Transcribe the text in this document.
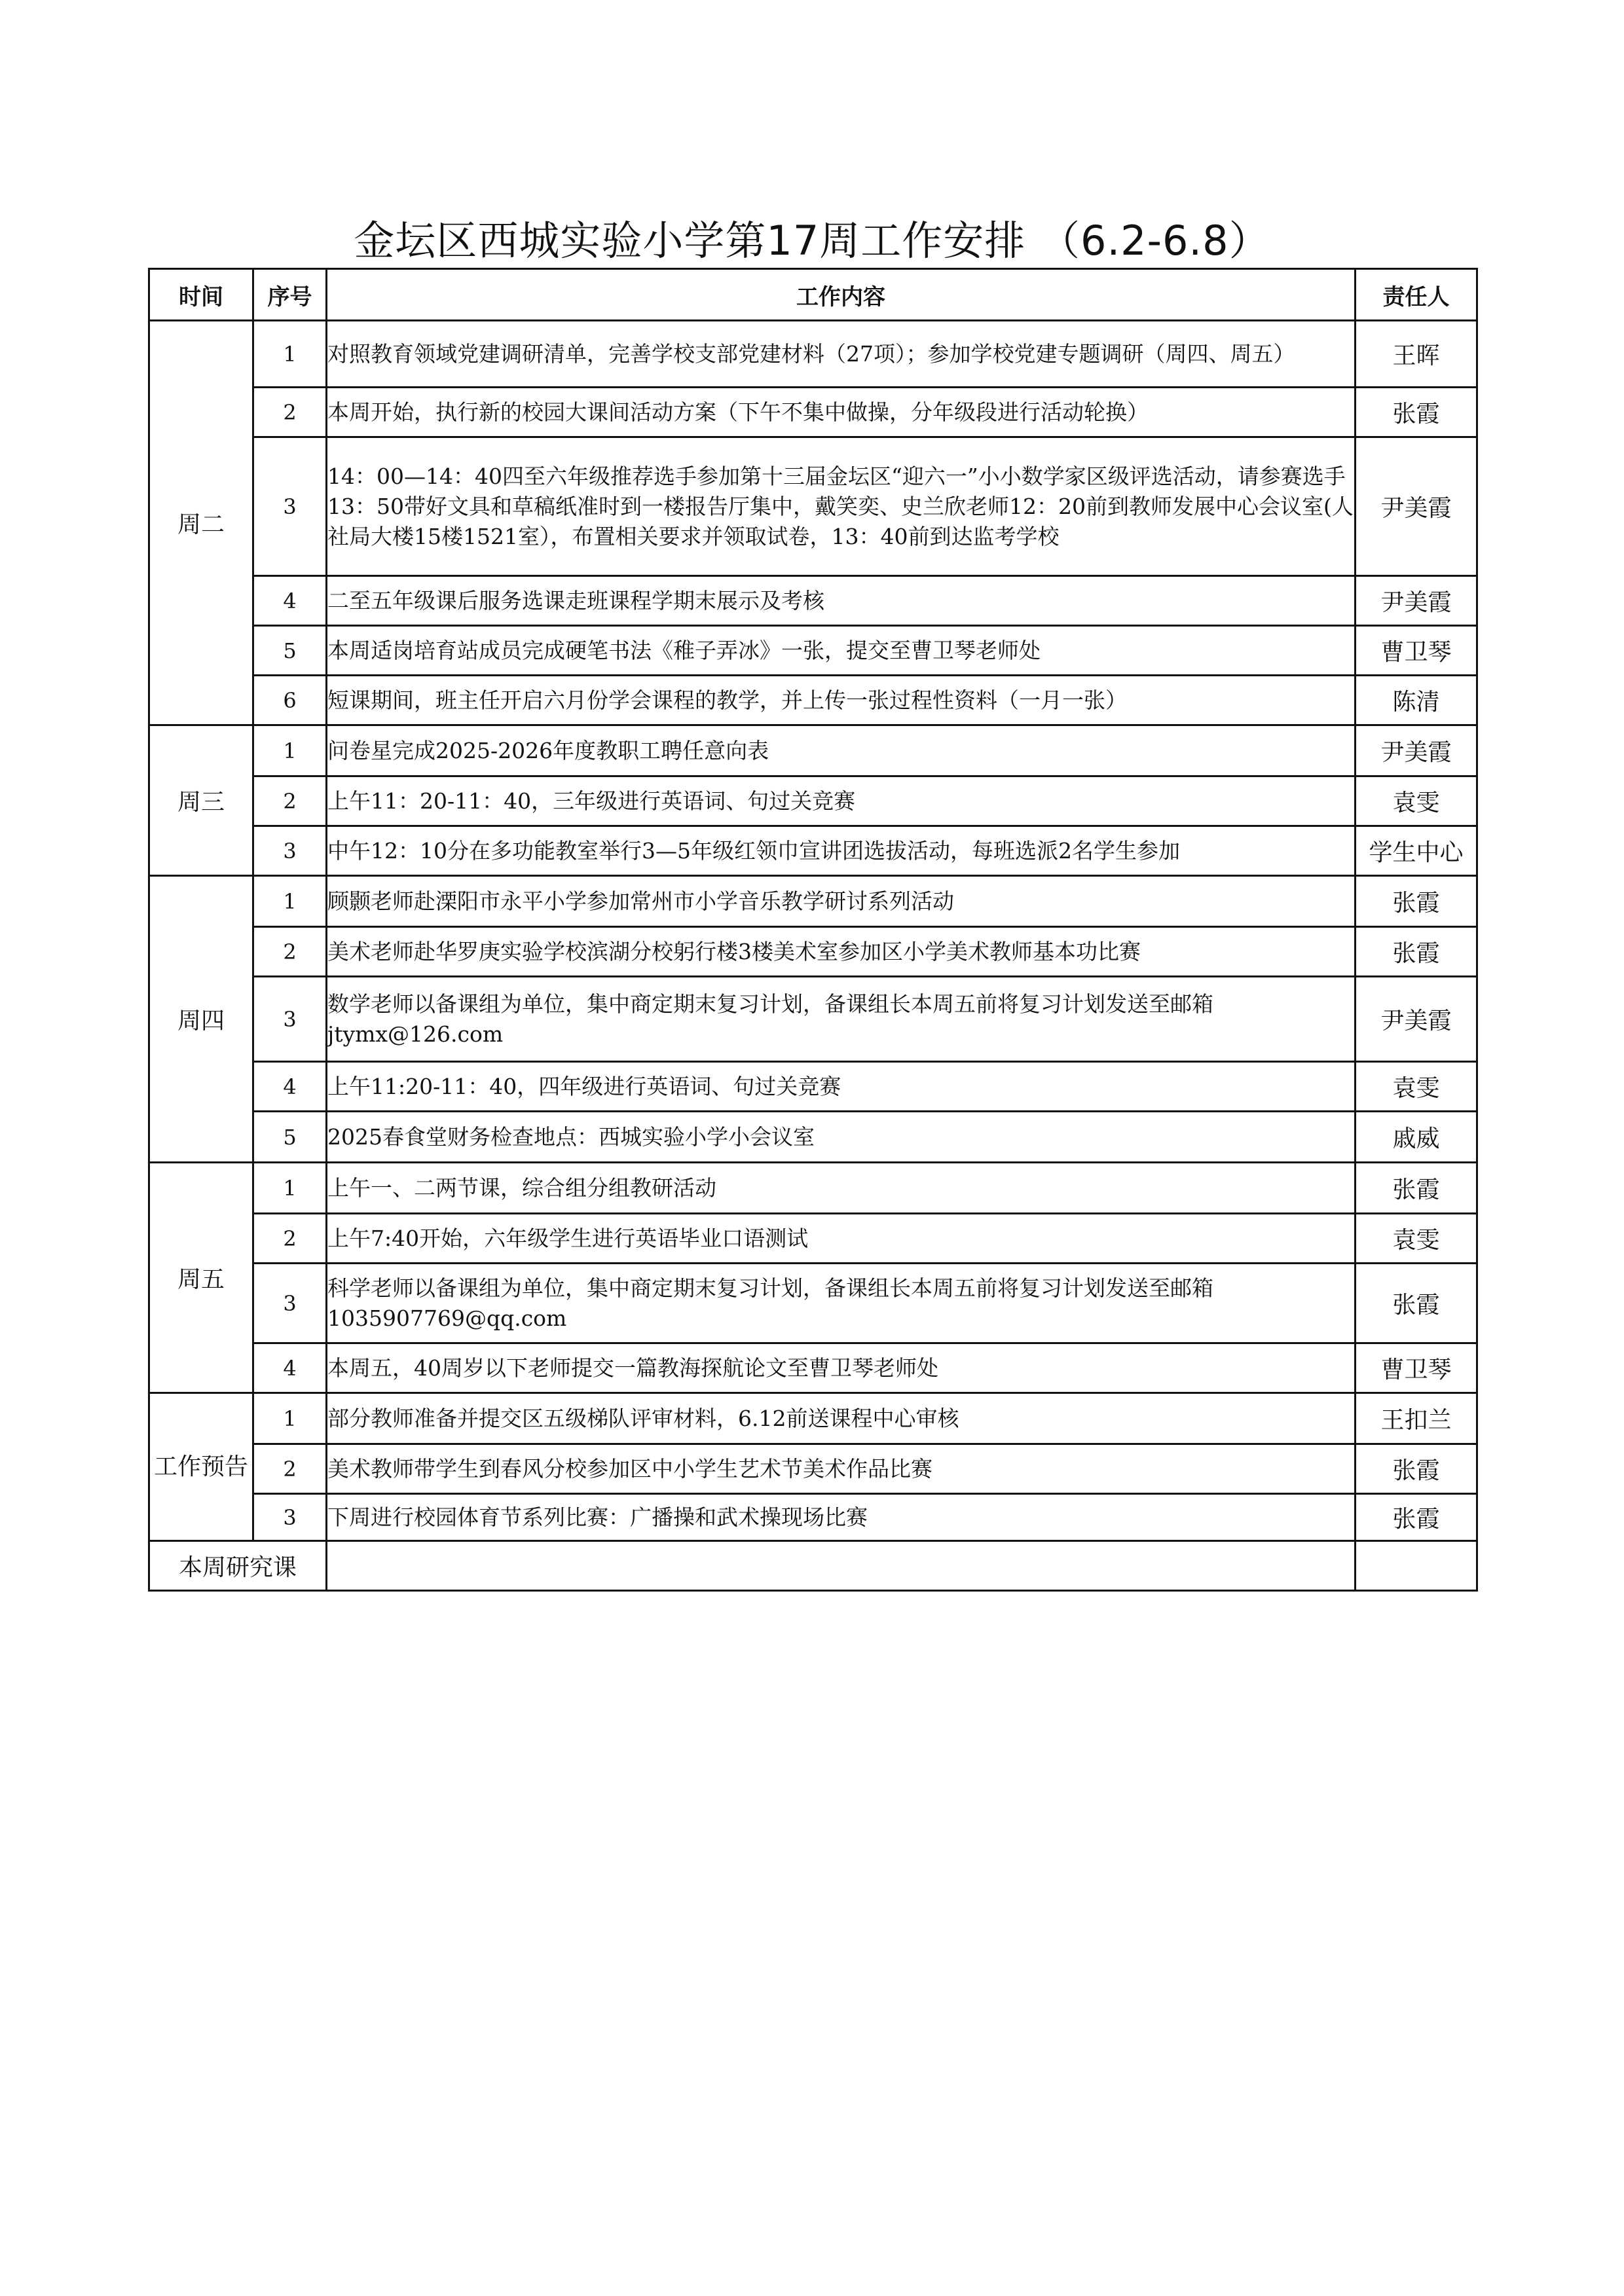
金坛区西城实验小学第17周工作安排 （6.2-6.8）
时间	序号	工作内容	责任人
周二	1	对照教育领域党建调研清单，完善学校支部党建材料（27项）；参加学校党建专题调研（周四、周五）	王晖
	2	本周开始，执行新的校园大课间活动方案（下午不集中做操，分年级段进行活动轮换）	张霞
	3	14：00—14：40四至六年级推荐选手参加第十三届金坛区“迎六一”小小数学家区级评选活动，请参赛选手13：50带好文具和草稿纸准时到一楼报告厅集中，戴笑奕、史兰欣老师12：20前到教师发展中心会议室(人社局大楼15楼1521室），布置相关要求并领取试卷，13：40前到达监考学校	尹美霞
	4	二至五年级课后服务选课走班课程学期末展示及考核	尹美霞
	5	本周适岗培育站成员完成硬笔书法《稚子弄冰》一张，提交至曹卫琴老师处	曹卫琴
	6	短课期间，班主任开启六月份学会课程的教学，并上传一张过程性资料（一月一张）	陈清
周三	1	问卷星完成2025-2026年度教职工聘任意向表	尹美霞
	2	上午11：20-11：40，三年级进行英语词、句过关竞赛	袁雯
	3	中午12：10分在多功能教室举行3—5年级红领巾宣讲团选拔活动，每班选派2名学生参加	学生中心
周四	1	顾颢老师赴溧阳市永平小学参加常州市小学音乐教学研讨系列活动	张霞
	2	美术老师赴华罗庚实验学校滨湖分校躬行楼3楼美术室参加区小学美术教师基本功比赛	张霞
	3	数学老师以备课组为单位，集中商定期末复习计划，备课组长本周五前将复习计划发送至邮箱jtymx@126.com	尹美霞
	4	上午11:20-11：40，四年级进行英语词、句过关竞赛	袁雯
	5	2025春食堂财务检查地点：西城实验小学小会议室	戚威
周五	1	上午一、二两节课，综合组分组教研活动	张霞
	2	上午7:40开始，六年级学生进行英语毕业口语测试	袁雯
	3	科学老师以备课组为单位，集中商定期末复习计划，备课组长本周五前将复习计划发送至邮箱1035907769@qq.com	张霞
	4	本周五，40周岁以下老师提交一篇教海探航论文至曹卫琴老师处	曹卫琴
工作预告	1	部分教师准备并提交区五级梯队评审材料，6.12前送课程中心审核	王扣兰
	2	美术教师带学生到春风分校参加区中小学生艺术节美术作品比赛	张霞
	3	下周进行校园体育节系列比赛：广播操和武术操现场比赛	张霞
本周研究课			
